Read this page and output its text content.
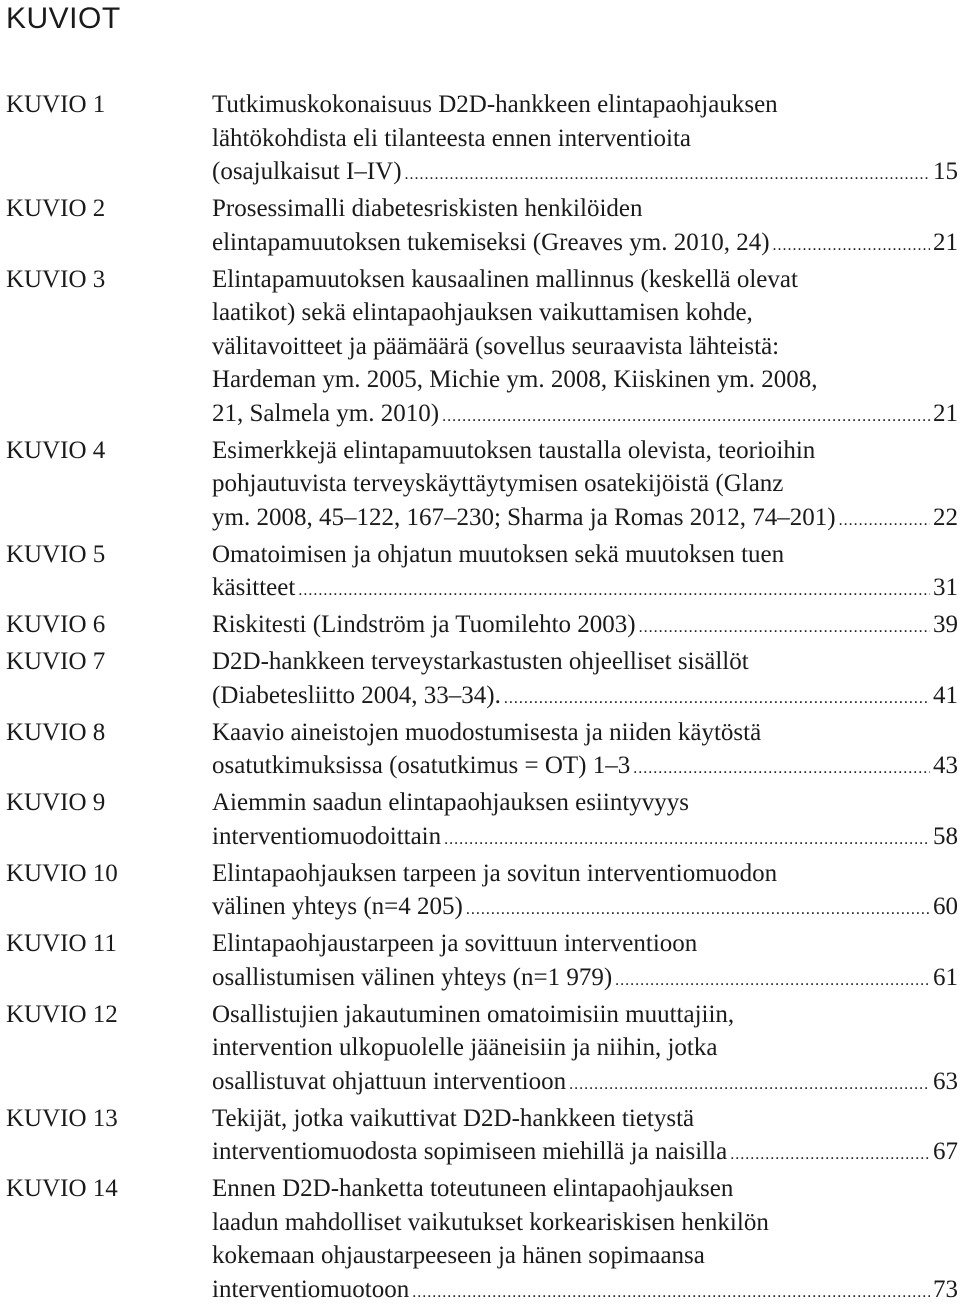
KUVIOT
KUVIO 1	Tutkimuskokonaisuus D2D-hankkeen elintapaohjauksen
lähtökohdista eli tilanteesta ennen interventioita
(osajulkaisut I–IV) .....	15
KUVIO 2	Prosessimalli diabetesriskisten henkilöiden
elintapamuutoksen tukemiseksi (Greaves ym. 2010, 24) .....	21
KUVIO 3	Elintapamuutoksen kausaalinen mallinnus (keskellä olevat
laatikot) sekä elintapaohjauksen vaikuttamisen kohde,
välitavoitteet ja päämäärä (sovellus seuraavista lähteistä:
Hardeman ym. 2005, Michie ym. 2008, Kiiskinen ym. 2008,
21, Salmela ym. 2010) .....	21
KUVIO 4	Esimerkkejä elintapamuutoksen taustalla olevista, teorioihin
pohjautuvista terveyskäyttäytymisen osatekijöistä (Glanz
ym. 2008, 45–122, 167–230; Sharma ja Romas 2012, 74–201) .....	22
KUVIO 5	Omatoimisen ja ohjatun muutoksen sekä muutoksen tuen
käsitteet .....	31
KUVIO 6	Riskitesti (Lindström ja Tuomilehto 2003) .....	39
KUVIO 7	D2D-hankkeen terveystarkastusten ohjeelliset sisällöt
(Diabetesliitto 2004, 33–34). .....	41
KUVIO 8	Kaavio aineistojen muodostumisesta ja niiden käytöstä
osatutkimuksissa (osatutkimus = OT) 1–3 .....	43
KUVIO 9	Aiemmin saadun elintapaohjauksen esiintyvyys
interventiomuodoittain .....	58
KUVIO 10	Elintapaohjauksen tarpeen ja sovitun interventiomuodon
välinen yhteys (n=4 205) .....	60
KUVIO 11	Elintapaohjaustarpeen ja sovittuun interventioon
osallistumisen välinen yhteys (n=1 979) .....	61
KUVIO 12	Osallistujien jakautuminen omatoimisiin muuttajiin,
intervention ulkopuolelle jääneisiin ja niihin, jotka
osallistuvat ohjattuun interventioon .....	63
KUVIO 13	Tekijät, jotka vaikuttivat D2D-hankkeen tietystä
interventiomuodosta sopimiseen miehillä ja naisilla .....	67
KUVIO 14	Ennen D2D-hanketta toteutuneen elintapaohjauksen
laadun mahdolliset vaikutukset korkeariskisen henkilön
kokemaan ohjaustarpeeseen ja hänen sopimaansa
interventiomuotoon .....	73
